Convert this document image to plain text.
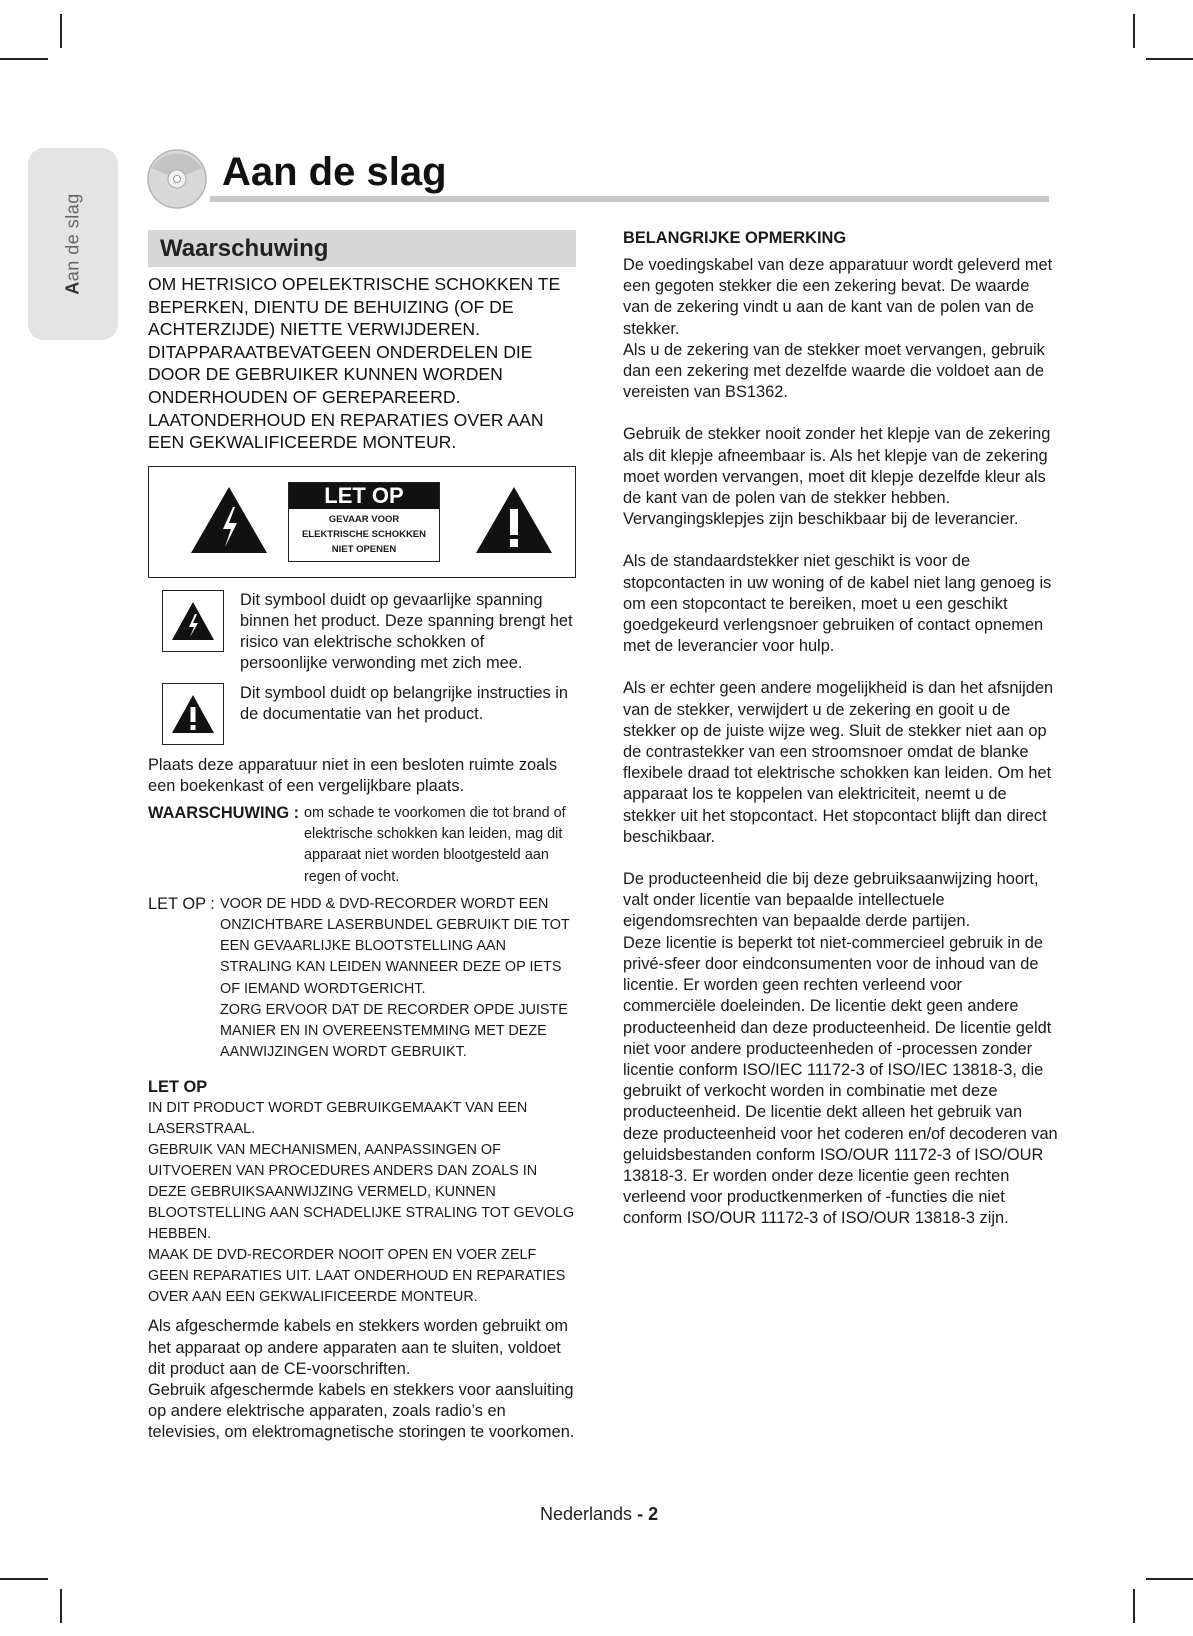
Aan de slag
Aan de slag
Waarschuwing

OM HETRISICO OPELEKTRISCHE SCHOKKEN TE BEPERKEN, DIENTU DE BEHUIZING (OF DE ACHTERZIJDE) NIETTE VERWIJDEREN. DITAPPARAATBEVATGEEN ONDERDELEN DIE DOOR DE GEBRUIKER KUNNEN WORDEN ONDERHOUDEN OF GEREPAREERD. LAATONDERHOUD EN REPARATIES OVER AAN EEN GEKWALIFICEERDE MONTEUR.

LET OP
GEVAAR VOOR
ELEKTRISCHE SCHOKKEN
NIET OPENEN

Dit symbool duidt op gevaarlijke spanning binnen het product. Deze spanning brengt het risico van elektrische schokken of persoonlijke verwonding met zich mee.

Dit symbool duidt op belangrijke instructies in de documentatie van het product.

Plaats deze apparatuur niet in een besloten ruimte zoals een boekenkast of een vergelijkbare plaats.

WAARSCHUWING : om schade te voorkomen die tot brand of elektrische schokken kan leiden, mag dit apparaat niet worden blootgesteld aan regen of vocht.

LET OP : VOOR DE HDD & DVD-RECORDER WORDT EEN ONZICHTBARE LASERBUNDEL GEBRUIKT DIE TOT EEN GEVAARLIJKE BLOOTSTELLING AAN STRALING KAN LEIDEN WANNEER DEZE OP IETS OF IEMAND WORDTGERICHT.

ZORG ERVOOR DAT DE RECORDER OPDE JUISTE MANIER EN IN OVEREENSTEMMING MET DEZE AANWIJZINGEN WORDT GEBRUIKT.

LET OP

IN DIT PRODUCT WORDT GEBRUIKGEMAAKT VAN EEN LASERSTRAAL.

GEBRUIK VAN MECHANISMEN, AANPASSINGEN OF UITVOEREN VAN PROCEDURES ANDERS DAN ZOALS IN DEZE GEBRUIKSAANWIJZING VERMELD, KUNNEN BLOOTSTELLING AAN SCHADELIJKE STRALING TOT GEVOLG HEBBEN.

MAAK DE DVD-RECORDER NOOIT OPEN EN VOER ZELF GEEN REPARATIES UIT. LAAT ONDERHOUD EN REPARATIES OVER AAN EEN GEKWALIFICEERDE MONTEUR.

Als afgeschermde kabels en stekkers worden gebruikt om het apparaat op andere apparaten aan te sluiten, voldoet dit product aan de CE-voorschriften.

Gebruik afgeschermde kabels en stekkers voor aansluiting op andere elektrische apparaten, zoals radio’s en televisies, om elektromagnetische storingen te voorkomen.

BELANGRIJKE OPMERKING

De voedingskabel van deze apparatuur wordt geleverd met een gegoten stekker die een zekering bevat. De waarde van de zekering vindt u aan de kant van de polen van de stekker.

Als u de zekering van de stekker moet vervangen, gebruik dan een zekering met dezelfde waarde die voldoet aan de vereisten van BS1362.

Gebruik de stekker nooit zonder het klepje van de zekering als dit klepje afneembaar is. Als het klepje van de zekering moet worden vervangen, moet dit klepje dezelfde kleur als de kant van de polen van de stekker hebben. Vervangingsklepjes zijn beschikbaar bij de leverancier.

Als de standaardstekker niet geschikt is voor de stopcontacten in uw woning of de kabel niet lang genoeg is om een stopcontact te bereiken, moet u een geschikt goedgekeurd verlengsnoer gebruiken of contact opnemen met de leverancier voor hulp.

Als er echter geen andere mogelijkheid is dan het afsnijden van de stekker, verwijdert u de zekering en gooit u de stekker op de juiste wijze weg. Sluit de stekker niet aan op de contrastekker van een stroomsnoer omdat de blanke flexibele draad tot elektrische schokken kan leiden. Om het apparaat los te koppelen van elektriciteit, neemt u de stekker uit het stopcontact. Het stopcontact blijft dan direct beschikbaar.

De producteenheid die bij deze gebruiksaanwijzing hoort, valt onder licentie van bepaalde intellectuele eigendomsrechten van bepaalde derde partijen.

Deze licentie is beperkt tot niet-commercieel gebruik in de privé-sfeer door eindconsumenten voor de inhoud van de licentie. Er worden geen rechten verleend voor commerciële doeleinden. De licentie dekt geen andere producteenheid dan deze producteenheid. De licentie geldt niet voor andere producteenheden of -processen zonder licentie conform ISO/IEC 11172-3 of ISO/IEC 13818-3, die gebruikt of verkocht worden in combinatie met deze producteenheid. De licentie dekt alleen het gebruik van deze producteenheid voor het coderen en/of decoderen van geluidsbestanden conform ISO/OUR 11172-3 of ISO/OUR 13818-3. Er worden onder deze licentie geen rechten verleend voor productkenmerken of -functies die niet conform ISO/OUR 11172-3 of ISO/OUR 13818-3 zijn.

Nederlands - 2
